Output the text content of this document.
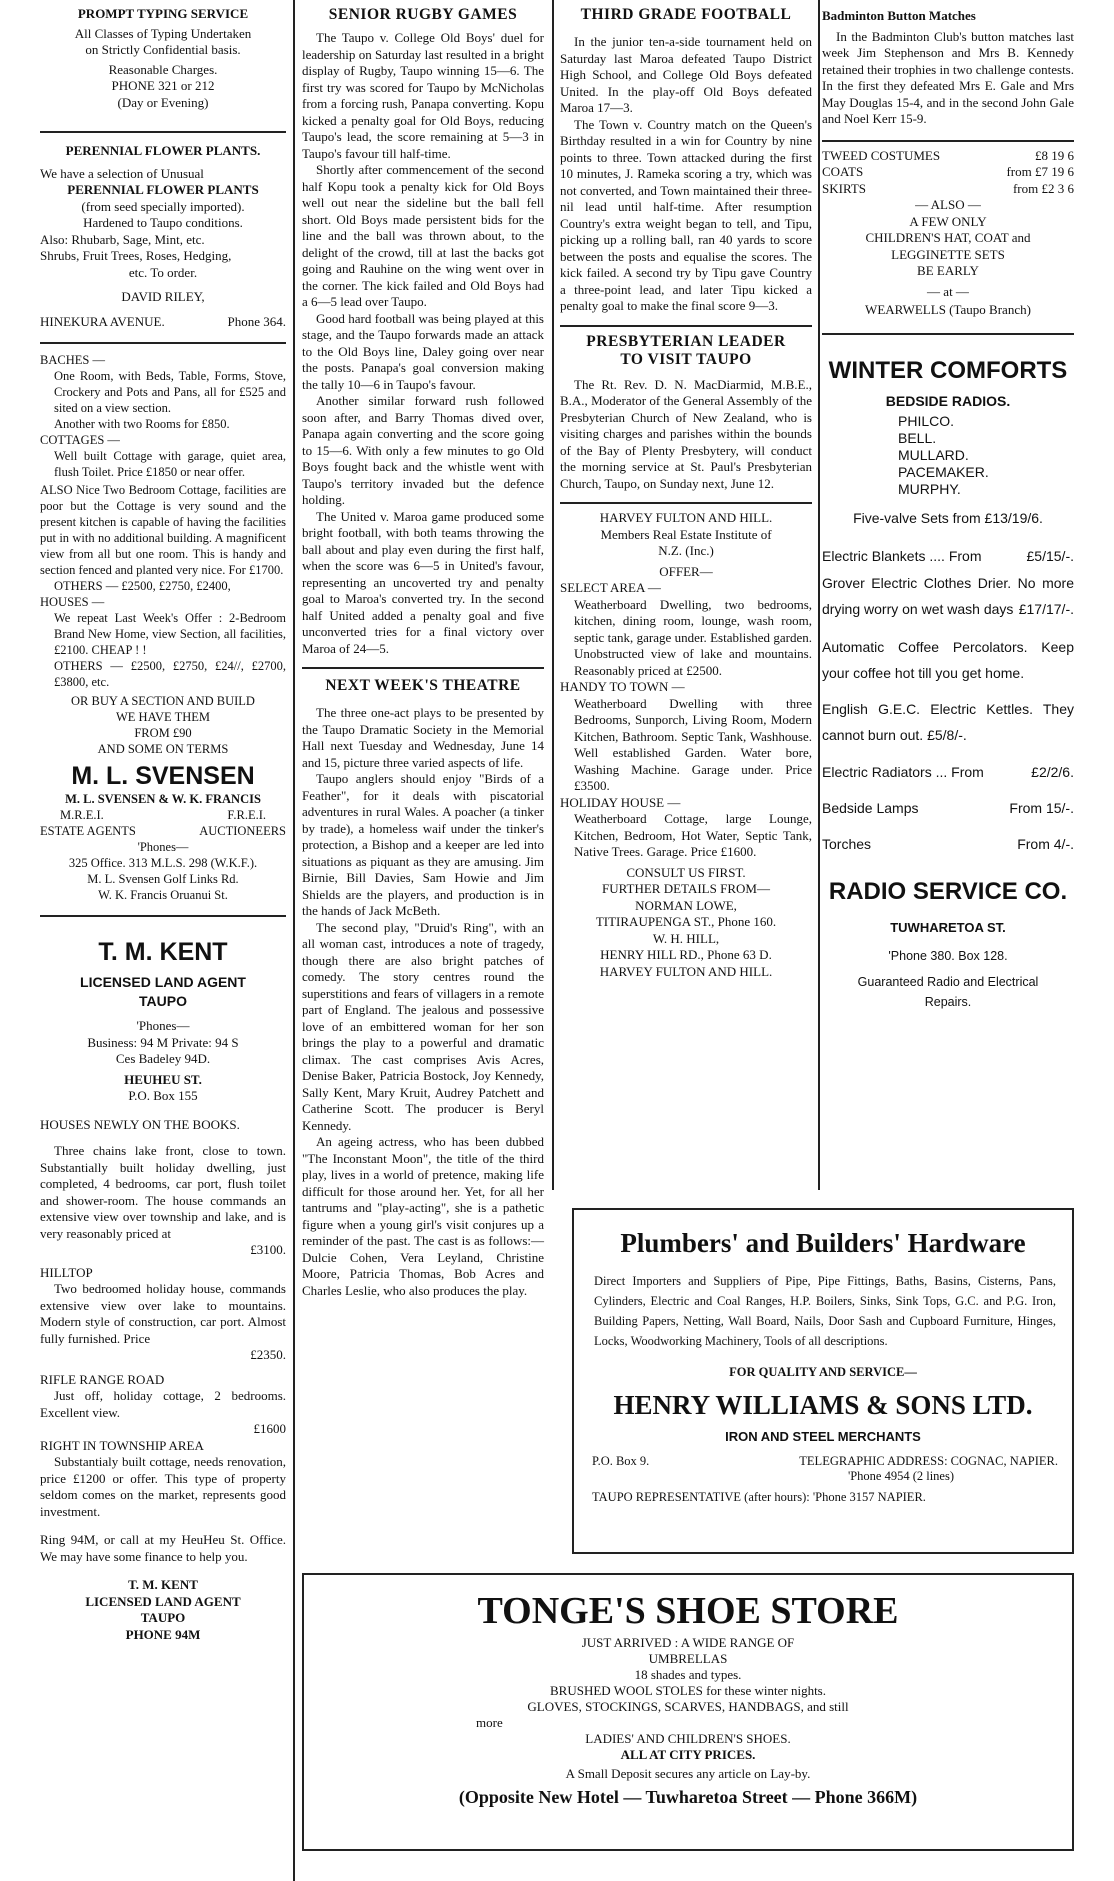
PROMPT TYPING SERVICE

All Classes of Typing Undertaken

on Strictly Confidential basis.

Reasonable Charges.

PHONE 321 or 212

(Day or Evening)

PERENNIAL FLOWER PLANTS.

We have a selection of Unusual

PERENNIAL FLOWER PLANTS

(from seed specially imported).

Hardened to Taupo conditions.

Also: Rhubarb, Sage, Mint, etc.

Shrubs, Fruit Trees, Roses, Hedging,

etc. To order.

DAVID RILEY,

HINEKURA AVENUE.	Phone 364.

BACHES —

One Room, with Beds, Table, Forms, Stove, Crockery and Pots and Pans, all for £525 and sited on a view section.

Another with two Rooms for £850.

COTTAGES —

Well built Cottage with garage, quiet area, flush Toilet. Price £1850 or near offer.

ALSO Nice Two Bedroom Cottage, facilities are poor but the Cottage is very sound and the present kitchen is capable of having the facilities put in with no additional building. A magnificent view from all but one room. This is handy and section fenced and planted very nice. For £1700.

OTHERS — £2500, £2750, £2400,

HOUSES —

We repeat Last Week's Offer : 2-Bedroom Brand New Home, view Section, all facilities, £2100. CHEAP ! !

OTHERS — £2500, £2750, £24//, £2700, £3800, etc.

OR BUY A SECTION AND BUILD

WE HAVE THEM

FROM £90

AND SOME ON TERMS

M. L. SVENSEN

M. L. SVENSEN & W. K. FRANCIS

M.R.E.I.	F.R.E.I.
ESTATE AGENTS	AUCTIONEERS

'Phones—

325 Office. 313 M.L.S. 298 (W.K.F.).

M. L. Svensen Golf Links Rd.

W. K. Francis Oruanui St.

T. M. KENT

LICENSED LAND AGENT

TAUPO

'Phones—

Business: 94 M Private: 94 S

Ces Badeley 94D.

HEUHEU ST.

P.O. Box 155

HOUSES NEWLY ON THE BOOKS.

Three chains lake front, close to town. Substantially built holiday dwelling, just completed, 4 bedrooms, car port, flush toilet and shower-room. The house commands an extensive view over township and lake, and is very reasonably priced at

£3100.

HILLTOP

Two bedroomed holiday house, commands extensive view over lake to mountains. Modern style of construction, car port. Almost fully furnished. Price

£2350.

RIFLE RANGE ROAD

Just off, holiday cottage, 2 bedrooms. Excellent view.

£1600

RIGHT IN TOWNSHIP AREA

Substantialy built cottage, needs renovation, price £1200 or offer. This type of property seldom comes on the market, represents good investment.

Ring 94M, or call at my HeuHeu St. Office. We may have some finance to help you.

T. M. KENT

LICENSED LAND AGENT

TAUPO

PHONE 94M

SENIOR RUGBY GAMES

The Taupo v. College Old Boys' duel for leadership on Saturday last resulted in a bright display of Rugby, Taupo winning 15—6. The first try was scored for Taupo by McNicholas from a forcing rush, Panapa converting. Kopu kicked a penalty goal for Old Boys, reducing Taupo's lead, the score remaining at 5—3 in Taupo's favour till half-time.

Shortly after commencement of the second half Kopu took a penalty kick for Old Boys well out near the sideline but the ball fell short. Old Boys made persistent bids for the line and the ball was thrown about, to the delight of the crowd, till at last the backs got going and Rauhine on the wing went over in the corner. The kick failed and Old Boys had a 6—5 lead over Taupo.

Good hard football was being played at this stage, and the Taupo forwards made an attack to the Old Boys line, Daley going over near the posts. Panapa's goal conversion making the tally 10—6 in Taupo's favour.

Another similar forward rush followed soon after, and Barry Thomas dived over, Panapa again converting and the score going to 15—6. With only a few minutes to go Old Boys fought back and the whistle went with Taupo's territory invaded but the defence holding.

The United v. Maroa game produced some bright football, with both teams throwing the ball about and play even during the first half, when the score was 6—5 in United's favour, representing an uncoverted try and penalty goal to Maroa's converted try. In the second half United added a penalty goal and five unconverted tries for a final victory over Maroa of 24—5.

NEXT WEEK'S THEATRE

The three one-act plays to be presented by the Taupo Dramatic Society in the Memorial Hall next Tuesday and Wednesday, June 14 and 15, picture three varied aspects of life.

Taupo anglers should enjoy "Birds of a Feather", for it deals with piscatorial adventures in rural Wales. A poacher (a tinker by trade), a homeless waif under the tinker's protection, a Bishop and a keeper are led into situations as piquant as they are amusing. Jim Birnie, Bill Davies, Sam Howie and Jim Shields are the players, and production is in the hands of Jack McBeth.

The second play, "Druid's Ring", with an all woman cast, introduces a note of tragedy, though there are also bright patches of comedy. The story centres round the superstitions and fears of villagers in a remote part of England. The jealous and possessive love of an embittered woman for her son brings the play to a powerful and dramatic climax. The cast comprises Avis Acres, Denise Baker, Patricia Bostock, Joy Kennedy, Sally Kent, Mary Kruit, Audrey Patchett and Catherine Scott. The producer is Beryl Kennedy.

An ageing actress, who has been dubbed "The Inconstant Moon", the title of the third play, lives in a world of pretence, making life difficult for those around her. Yet, for all her tantrums and "play-acting", she is a pathetic figure when a young girl's visit conjures up a reminder of the past. The cast is as follows:— Dulcie Cohen, Vera Leyland, Christine Moore, Patricia Thomas, Bob Acres and Charles Leslie, who also produces the play.

THIRD GRADE FOOTBALL

In the junior ten-a-side tournament held on Saturday last Maroa defeated Taupo District High School, and College Old Boys defeated United. In the play-off Old Boys defeated Maroa 17—3.

The Town v. Country match on the Queen's Birthday resulted in a win for Country by nine points to three. Town attacked during the first 10 minutes, J. Rameka scoring a try, which was not converted, and Town maintained their three-nil lead until half-time. After resumption Country's extra weight began to tell, and Tipu, picking up a rolling ball, ran 40 yards to score between the posts and equalise the scores. The kick failed. A second try by Tipu gave Country a three-point lead, and later Tipu kicked a penalty goal to make the final score 9—3.

PRESBYTERIAN LEADER

TO VISIT TAUPO

The Rt. Rev. D. N. MacDiarmid, M.B.E., B.A., Moderator of the General Assembly of the Presbyterian Church of New Zealand, who is visiting charges and parishes within the bounds of the Bay of Plenty Presbytery, will conduct the morning service at St. Paul's Presbyterian Church, Taupo, on Sunday next, June 12.

HARVEY FULTON AND HILL.

Members Real Estate Institute of

N.Z. (Inc.)

OFFER—

SELECT AREA —

Weatherboard Dwelling, two bedrooms, kitchen, dining room, lounge, wash room, septic tank, garage under. Established garden. Unobstructed view of lake and mountains. Reasonably priced at £2500.

HANDY TO TOWN —

Weatherboard Dwelling with three Bedrooms, Sunporch, Living Room, Modern Kitchen, Bathroom. Septic Tank, Washhouse. Well established Garden. Water bore, Washing Machine. Garage under. Price £3500.

HOLIDAY HOUSE —

Weatherboard Cottage, large Lounge, Kitchen, Bedroom, Hot Water, Septic Tank, Native Trees. Garage. Price £1600.

CONSULT US FIRST.

FURTHER DETAILS FROM—

NORMAN LOWE,

TITIRAUPENGA ST., Phone 160.

W. H. HILL,

HENRY HILL RD., Phone 63 D.

HARVEY FULTON AND HILL.

Badminton Button Matches

In the Badminton Club's button matches last week Jim Stephenson and Mrs B. Kennedy retained their trophies in two challenge contests. In the first they defeated Mrs E. Gale and Mrs May Douglas 15-4, and in the second John Gale and Noel Kerr 15-9.

TWEED COSTUMES	£8 19 6
COATS	from £7 19 6
SKIRTS	from £2 3 6

— ALSO —

A FEW ONLY

CHILDREN'S HAT, COAT and

LEGGINETTE SETS

BE EARLY

— at —

WEARWELLS (Taupo Branch)

WINTER COMFORTS

BEDSIDE RADIOS.

PHILCO.

BELL.

MULLARD.

PACEMAKER.

MURPHY.

Five-valve Sets from £13/19/6.

Electric Blankets .... From	£5/15/-.

Grover Electric Clothes Drier. No more drying worry on wet wash days £17/17/-.

Automatic Coffee Percolators. Keep your coffee hot till you get home.

English G.E.C. Electric Kettles. They cannot burn out. £5/8/-.

Electric Radiators ... From	£2/2/6.
Bedside Lamps	From 15/-.
Torches	From 4/-.

RADIO SERVICE CO.

TUWHARETOA ST.

'Phone 380. Box 128.

Guaranteed Radio and Electrical

Repairs.

Plumbers' and Builders' Hardware

Direct Importers and Suppliers of Pipe, Pipe Fittings, Baths, Basins, Cisterns, Pans, Cylinders, Electric and Coal Ranges, H.P. Boilers, Sinks, Sink Tops, G.C. and P.G. Iron, Building Papers, Netting, Wall Board, Nails, Door Sash and Cupboard Furniture, Hinges, Locks, Woodworking Machinery, Tools of all descriptions.

FOR QUALITY AND SERVICE—

HENRY WILLIAMS & SONS LTD.

IRON AND STEEL MERCHANTS

P.O. Box 9.	TELEGRAPHIC ADDRESS: COGNAC, NAPIER.

'Phone 4954 (2 lines)

TAUPO REPRESENTATIVE (after hours): 'Phone 3157 NAPIER.

TONGE'S SHOE STORE

JUST ARRIVED : A WIDE RANGE OF

UMBRELLAS

18 shades and types.

BRUSHED WOOL STOLES for these winter nights.

GLOVES, STOCKINGS, SCARVES, HANDBAGS, and still

more

LADIES' AND CHILDREN'S SHOES.

ALL AT CITY PRICES.

A Small Deposit secures any article on Lay-by.

(Opposite New Hotel — Tuwharetoa Street — Phone 366M)
